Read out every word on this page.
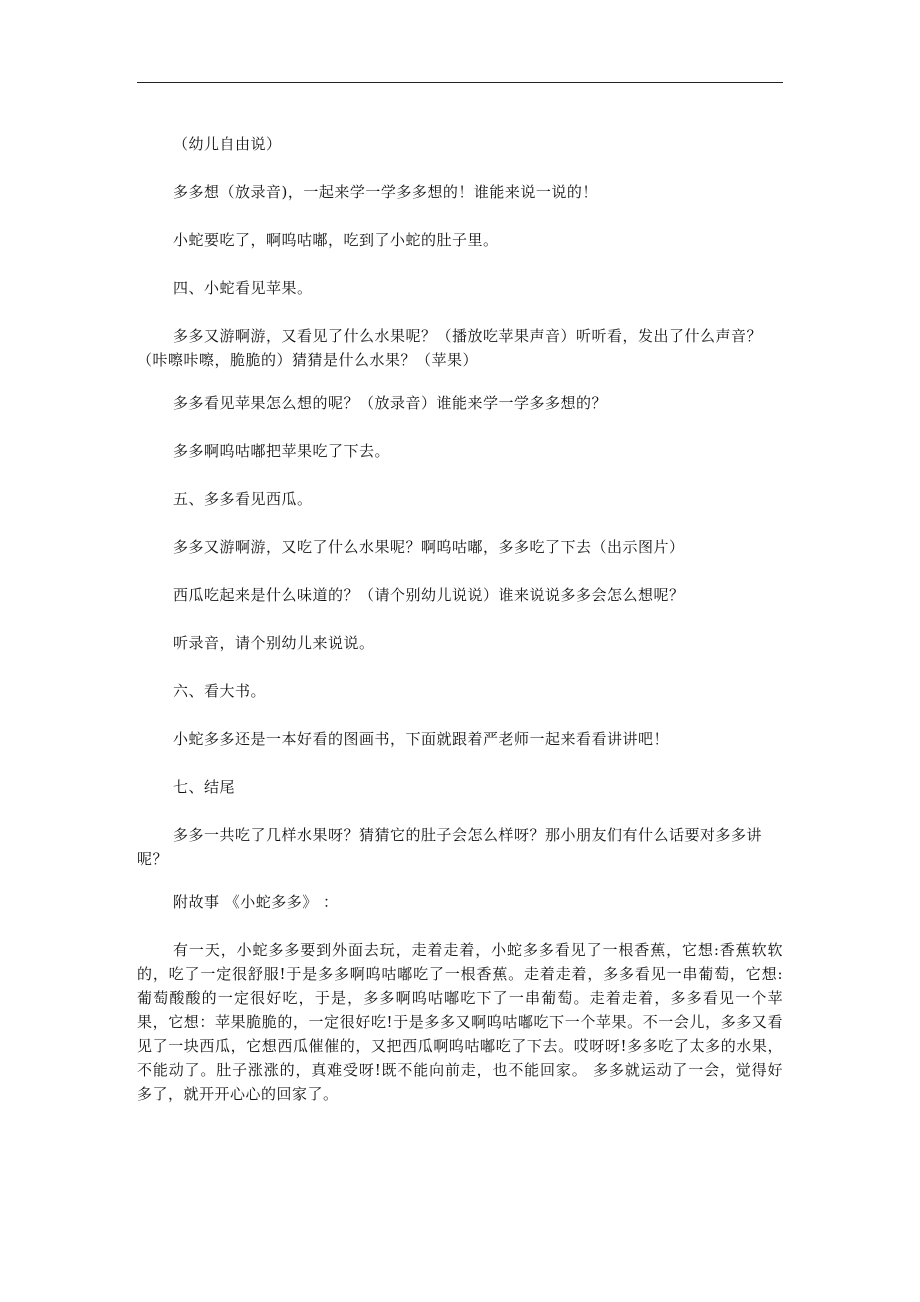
（幼儿自由说）

多多想（放录音)，一起来学一学多多想的！谁能来说一说的！

小蛇要吃了，啊呜咕嘟，吃到了小蛇的肚子里。

四、小蛇看见苹果。

多多又游啊游，又看见了什么水果呢？（播放吃苹果声音）听听看，发出了什么声音？（咔嚓咔嚓，脆脆的）猜猜是什么水果？（苹果）

多多看见苹果怎么想的呢？（放录音）谁能来学一学多多想的？

多多啊呜咕嘟把苹果吃了下去。

五、多多看见西瓜。

多多又游啊游，又吃了什么水果呢？啊呜咕嘟，多多吃了下去（出示图片）

西瓜吃起来是什么味道的？（请个别幼儿说说）谁来说说多多会怎么想呢？

听录音，请个别幼儿来说说。

六、看大书。

小蛇多多还是一本好看的图画书，下面就跟着严老师一起来看看讲讲吧！

七、结尾

多多一共吃了几样水果呀？猜猜它的肚子会怎么样呀？那小朋友们有什么话要对多多讲呢？

附故事 《小蛇多多》 ：

有一天，小蛇多多要到外面去玩，走着走着，小蛇多多看见了一根香蕉，它想:香蕉软软的，吃了一定很舒服!于是多多啊呜咕嘟吃了一根香蕉。走着走着，多多看见一串葡萄，它想: 葡萄酸酸的一定很好吃，于是，多多啊呜咕嘟吃下了一串葡萄。走着走着，多多看见一个苹果，它想：苹果脆脆的，一定很好吃!于是多多又啊呜咕嘟吃下一个苹果。不一会儿，多多又看见了一块西瓜，它想西瓜催催的，又把西瓜啊呜咕嘟吃了下去。哎呀呀!多多吃了太多的水果，不能动了。肚子涨涨的，真难受呀!既不能向前走，也不能回家。 多多就运动了一会，觉得好多了，就开开心心的回家了。
